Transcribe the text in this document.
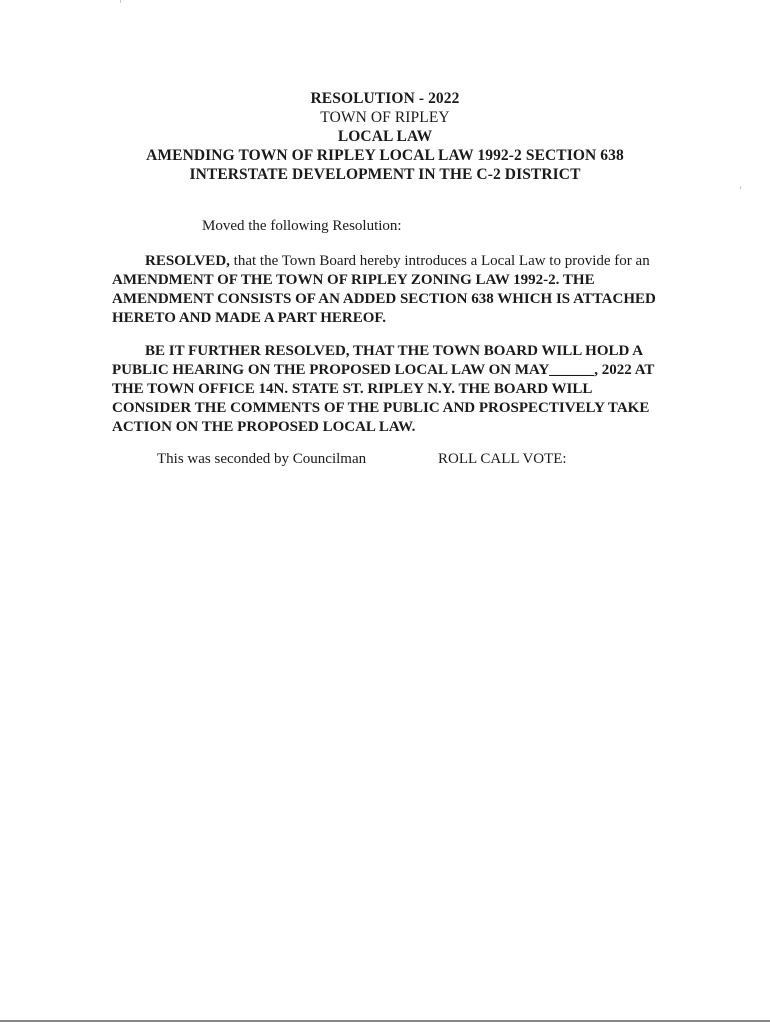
RESOLUTION - 2022
TOWN OF RIPLEY
LOCAL LAW
AMENDING TOWN OF RIPLEY LOCAL LAW 1992-2 SECTION 638
INTERSTATE DEVELOPMENT IN THE C-2 DISTRICT
Moved the following Resolution:
RESOLVED, that the Town Board hereby introduces a Local Law to provide for an AMENDMENT OF THE TOWN OF RIPLEY ZONING LAW 1992-2. THE AMENDMENT CONSISTS OF AN ADDED SECTION 638 WHICH IS ATTACHED HERETO AND MADE A PART HEREOF.
BE IT FURTHER RESOLVED, THAT THE TOWN BOARD WILL HOLD A PUBLIC HEARING ON THE PROPOSED LOCAL LAW ON MAY______, 2022 AT THE TOWN OFFICE 14N. STATE ST. RIPLEY N.Y. THE BOARD WILL CONSIDER THE COMMENTS OF THE PUBLIC AND PROSPECTIVELY TAKE ACTION ON THE PROPOSED LOCAL LAW.
This was seconded by Councilman	ROLL CALL VOTE:
